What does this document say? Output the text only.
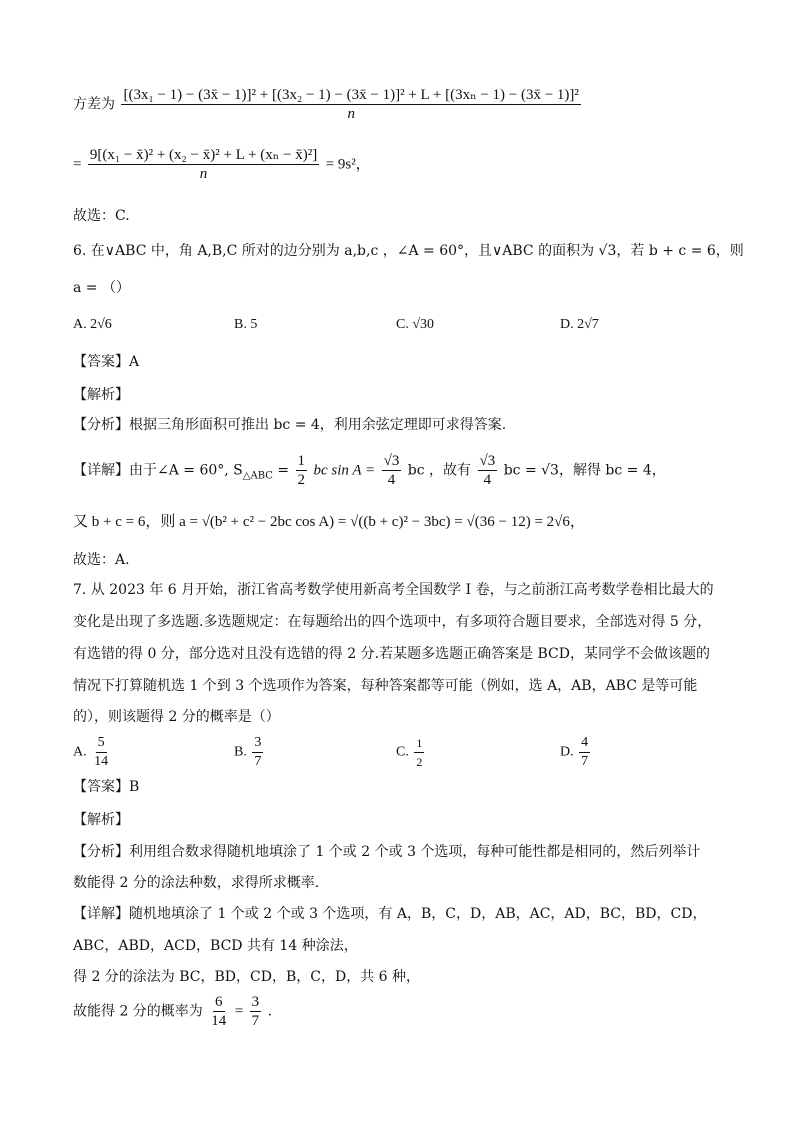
方差为
[(3x₁ − 1) − (3x̄ − 1)]² + [(3x₂ − 1) − (3x̄ − 1)]² + L + [(3xₙ − 1) − (3x̄ − 1)]²
n
= $\frac{\text{9[(x₁ − x̄)² + (x₂ − x̄)² + L + (xₙ − x̄)²]}}{n} = 9s^2$，
故选：C.
6. 在∨ABC 中，角 A,B,C 所对的边分别为 a,b,c ，∠A = 60°，且∨ABC 的面积为 √3，若 b + c = 6，则
a = （）
A. 2√6	B. 5	C. √30	D. 2√7
【答案】A
【解析】
【分析】根据三角形面积可推出 bc = 4，利用余弦定理即可求得答案.
【详解】由于∠A = 60°, $S_{\triangle ABC} = \frac{1}{2}$ bc $\sin A = \frac{√3}{4}$ bc ，故有 $\frac{√3}{4}$ bc = √3，解得 bc = 4，
又 b + c = 6，则 a = √(b² + c² − 2bc cos A) = √((b + c)² − 3bc) = √(36 − 12) = 2√6，
故选：A.
7. 从 2023 年 6 月开始，浙江省高考数学使用新高考全国数学 I 卷，与之前浙江高考数学卷相比最大的
变化是出现了多选题.多选题规定：在每题给出的四个选项中，有多项符合题目要求，全部选对得 5 分，
有选错的得 0 分，部分选对且没有选错的得 2 分.若某题多选题正确答案是 BCD，某同学不会做该题的
情况下打算随机选 1 个到 3 个选项作为答案，每种答案都等可能（例如，选 A，AB，ABC 是等可能
的），则该题得 2 分的概率是（）
A. $\frac{5}{14}$	B. $\frac{3}{7}$	C. $\frac{1}{2}$	D. $\frac{4}{7}$
【答案】B
【解析】
【分析】利用组合数求得随机地填涂了 1 个或 2 个或 3 个选项，每种可能性都是相同的，然后列举计
数能得 2 分的涂法种数，求得所求概率.
【详解】随机地填涂了 1 个或 2 个或 3 个选项，有 A，B，C，D，AB，AC，AD，BC，BD，CD，
ABC，ABD，ACD，BCD 共有 14 种涂法，
得 2 分的涂法为 BC，BD，CD，B，C，D，共 6 种，
故能得 2 分的概率为 $\frac{6}{14} = \frac{3}{7}$ .
